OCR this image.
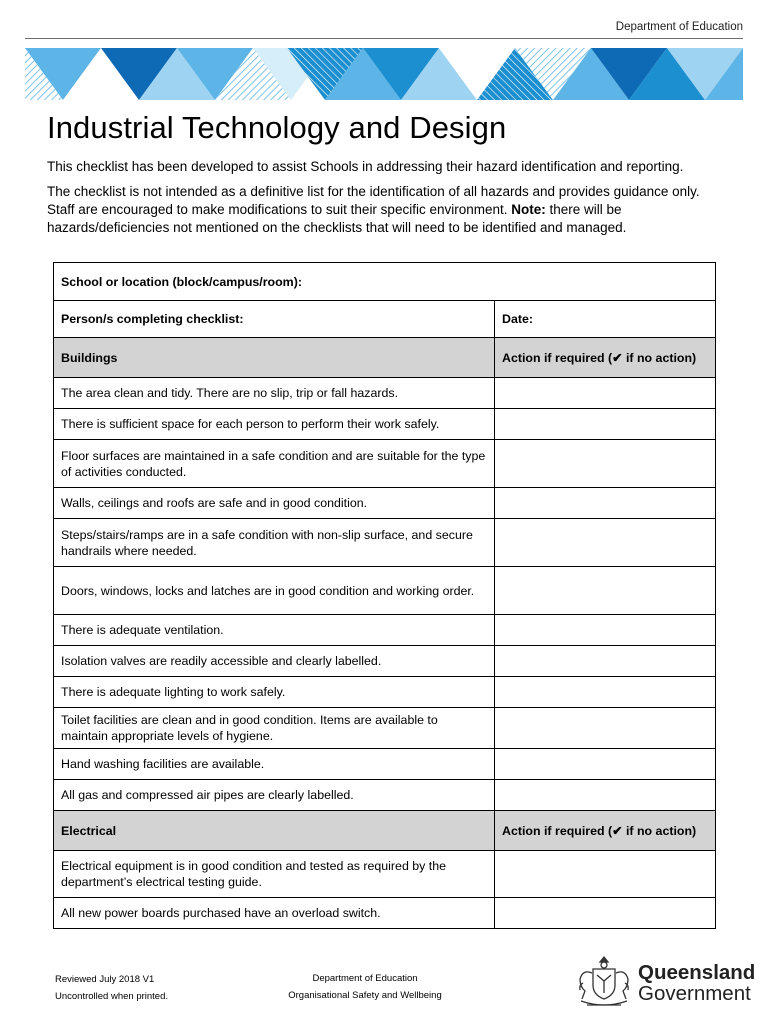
Department of Education
Industrial Technology and Design

This checklist has been developed to assist Schools in addressing their hazard identification and reporting.

The checklist is not intended as a definitive list for the identification of all hazards and provides guidance only. Staff are encouraged to make modifications to suit their specific environment. Note: there will be hazards/deficiencies not mentioned on the checklists that will need to be identified and managed.

School or location (block/campus/room):	
Person/s completing checklist:	Date:
Buildings	Action if required (✔ if no action)
The area clean and tidy. There are no slip, trip or fall hazards.	
There is sufficient space for each person to perform their work safely.	
Floor surfaces are maintained in a safe condition and are suitable for the type of activities conducted.	
Walls, ceilings and roofs are safe and in good condition.	
Steps/stairs/ramps are in a safe condition with non-slip surface, and secure handrails where needed.	
Doors, windows, locks and latches are in good condition and working order.	
There is adequate ventilation.	
Isolation valves are readily accessible and clearly labelled.	
There is adequate lighting to work safely.	
Toilet facilities are clean and in good condition. Items are available to maintain appropriate levels of hygiene.	
Hand washing facilities are available.	
All gas and compressed air pipes are clearly labelled.	
Electrical	Action if required (✔ if no action)
Electrical equipment is in good condition and tested as required by the department’s electrical testing guide.	
All new power boards purchased have an overload switch.	
Reviewed July 2018 V1
Uncontrolled when printed.
Department of Education
Organisational Safety and Wellbeing
Queensland
Government
